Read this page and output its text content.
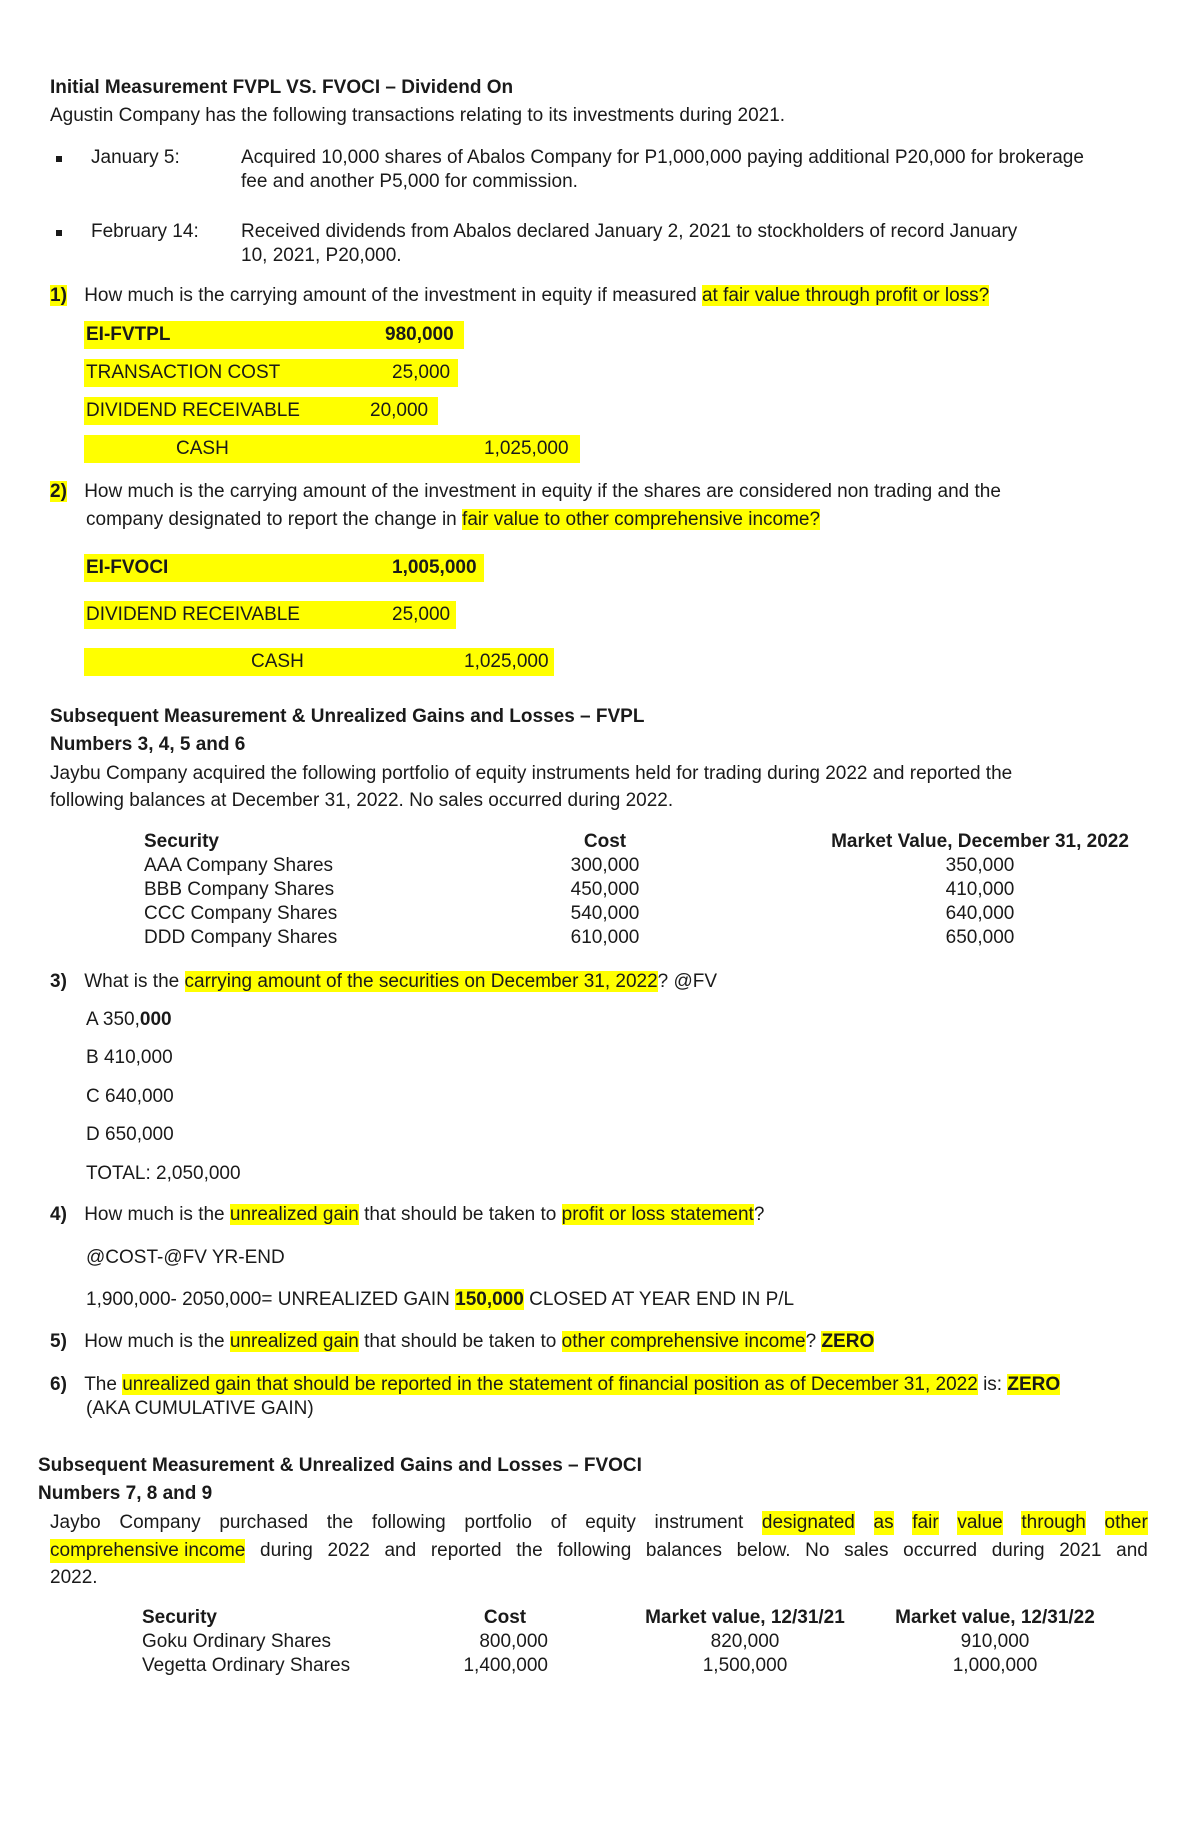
Initial Measurement FVPL VS. FVOCI – Dividend On
Agustin Company has the following transactions relating to its investments during 2021.
January 5:	Acquired 10,000 shares of Abalos Company for P1,000,000 paying additional P20,000 for brokerage
fee and another P5,000 for commission.
February 14: Received dividends from Abalos declared January 2, 2021 to stockholders of record January
10, 2021, P20,000.
1) How much is the carrying amount of the investment in equity if measured at fair value through profit or loss?
EI-FVTPL	980,000
TRANSACTION COST	25,000
DIVIDEND RECEIVABLE	20,000
CASH	1,025,000
2) How much is the carrying amount of the investment in equity if the shares are considered non trading and the
company designated to report the change in fair value to other comprehensive income?
EI-FVOCI	1,005,000
DIVIDEND RECEIVABLE	25,000
CASH	1,025,000
Subsequent Measurement & Unrealized Gains and Losses – FVPL
Numbers 3, 4, 5 and 6
Jaybu Company acquired the following portfolio of equity instruments held for trading during 2022 and reported the
following balances at December 31, 2022. No sales occurred during 2022.
Security	Cost	Market Value, December 31, 2022
AAA Company Shares	300,000	350,000
BBB Company Shares	450,000	410,000
CCC Company Shares	540,000	640,000
DDD Company Shares	610,000	650,000
3) What is the carrying amount of the securities on December 31, 2022? @FV
A 350,000
B 410,000
C 640,000
D 650,000
TOTAL: 2,050,000
4) How much is the unrealized gain that should be taken to profit or loss statement?
@COST-@FV YR-END
1,900,000- 2050,000= UNREALIZED GAIN 150,000 CLOSED AT YEAR END IN P/L
5) How much is the unrealized gain that should be taken to other comprehensive income? ZERO
6) The unrealized gain that should be reported in the statement of financial position as of December 31, 2022 is: ZERO
(AKA CUMULATIVE GAIN)
Subsequent Measurement & Unrealized Gains and Losses – FVOCI
Numbers 7, 8 and 9
Jaybo Company purchased the following portfolio of equity instrument designated as fair value through other
comprehensive income during 2022 and reported the following balances below. No sales occurred during 2021 and
2022.
Security	Cost	Market value, 12/31/21	Market value, 12/31/22
Goku Ordinary Shares	800,000	820,000	910,000
Vegetta Ordinary Shares	1,400,000	1,500,000	1,000,000
